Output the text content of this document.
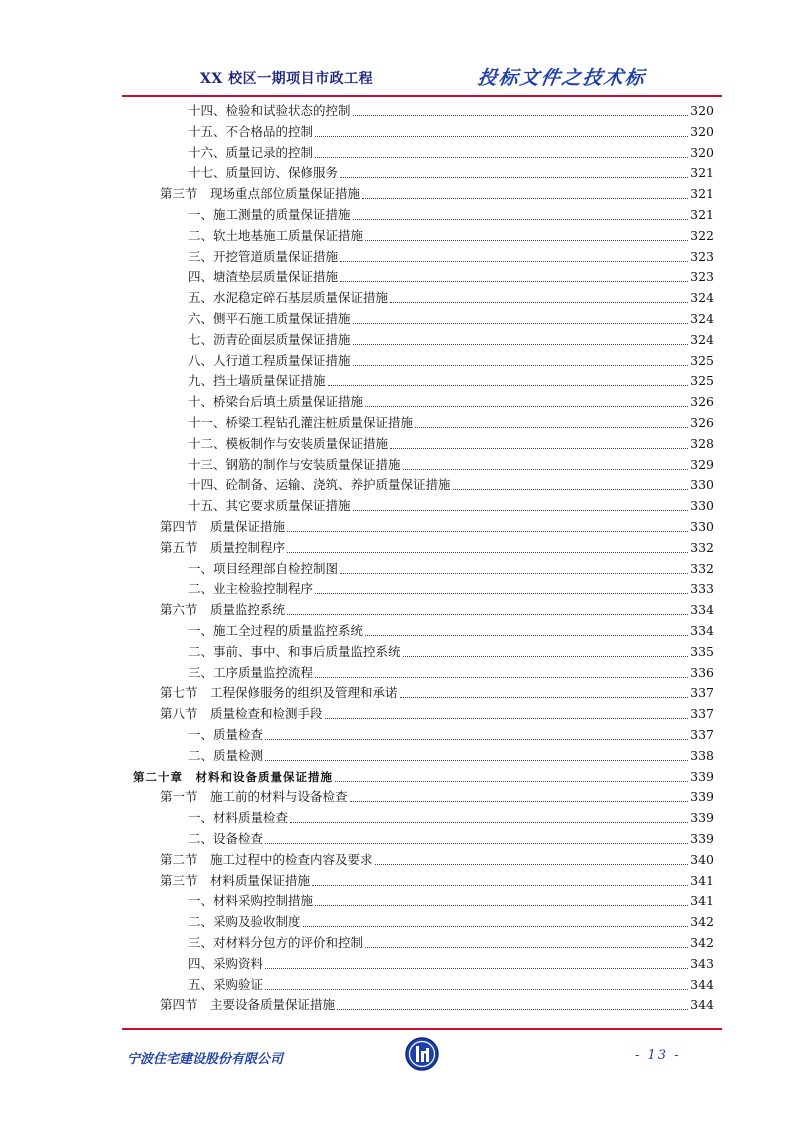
XX 校区一期项目市政工程	投标文件之技术标
十四、检验和试验状态的控制	320
十五、不合格品的控制	320
十六、质量记录的控制	320
十七、质量回访、保修服务	321
第三节　现场重点部位质量保证措施	321
一、施工测量的质量保证措施	321
二、软土地基施工质量保证措施	322
三、开挖管道质量保证措施	323
四、塘渣垫层质量保证措施	323
五、水泥稳定碎石基层质量保证措施	324
六、侧平石施工质量保证措施	324
七、沥青砼面层质量保证措施	324
八、人行道工程质量保证措施	325
九、挡土墙质量保证措施	325
十、桥梁台后填土质量保证措施	326
十一、桥梁工程钻孔灌注桩质量保证措施	326
十二、模板制作与安装质量保证措施	328
十三、钢筋的制作与安装质量保证措施	329
十四、砼制备、运输、浇筑、养护质量保证措施	330
十五、其它要求质量保证措施	330
第四节　质量保证措施	330
第五节　质量控制程序	332
一、项目经理部自检控制图	332
二、业主检验控制程序	333
第六节　质量监控系统	334
一、施工全过程的质量监控系统	334
二、事前、事中、和事后质量监控系统	335
三、工序质量监控流程	336
第七节　工程保修服务的组织及管理和承诺	337
第八节　质量检查和检测手段	337
一、质量检查	337
二、质量检测	338
第二十章　材料和设备质量保证措施	339
第一节　施工前的材料与设备检查	339
一、材料质量检查	339
二、设备检查	339
第二节　施工过程中的检查内容及要求	340
第三节　材料质量保证措施	341
一、材料采购控制措施	341
二、采购及验收制度	342
三、对材料分包方的评价和控制	342
四、采购资料	343
五、采购验证	344
第四节　主要设备质量保证措施	344
宁波住宅建设股份有限公司	- 13 -
